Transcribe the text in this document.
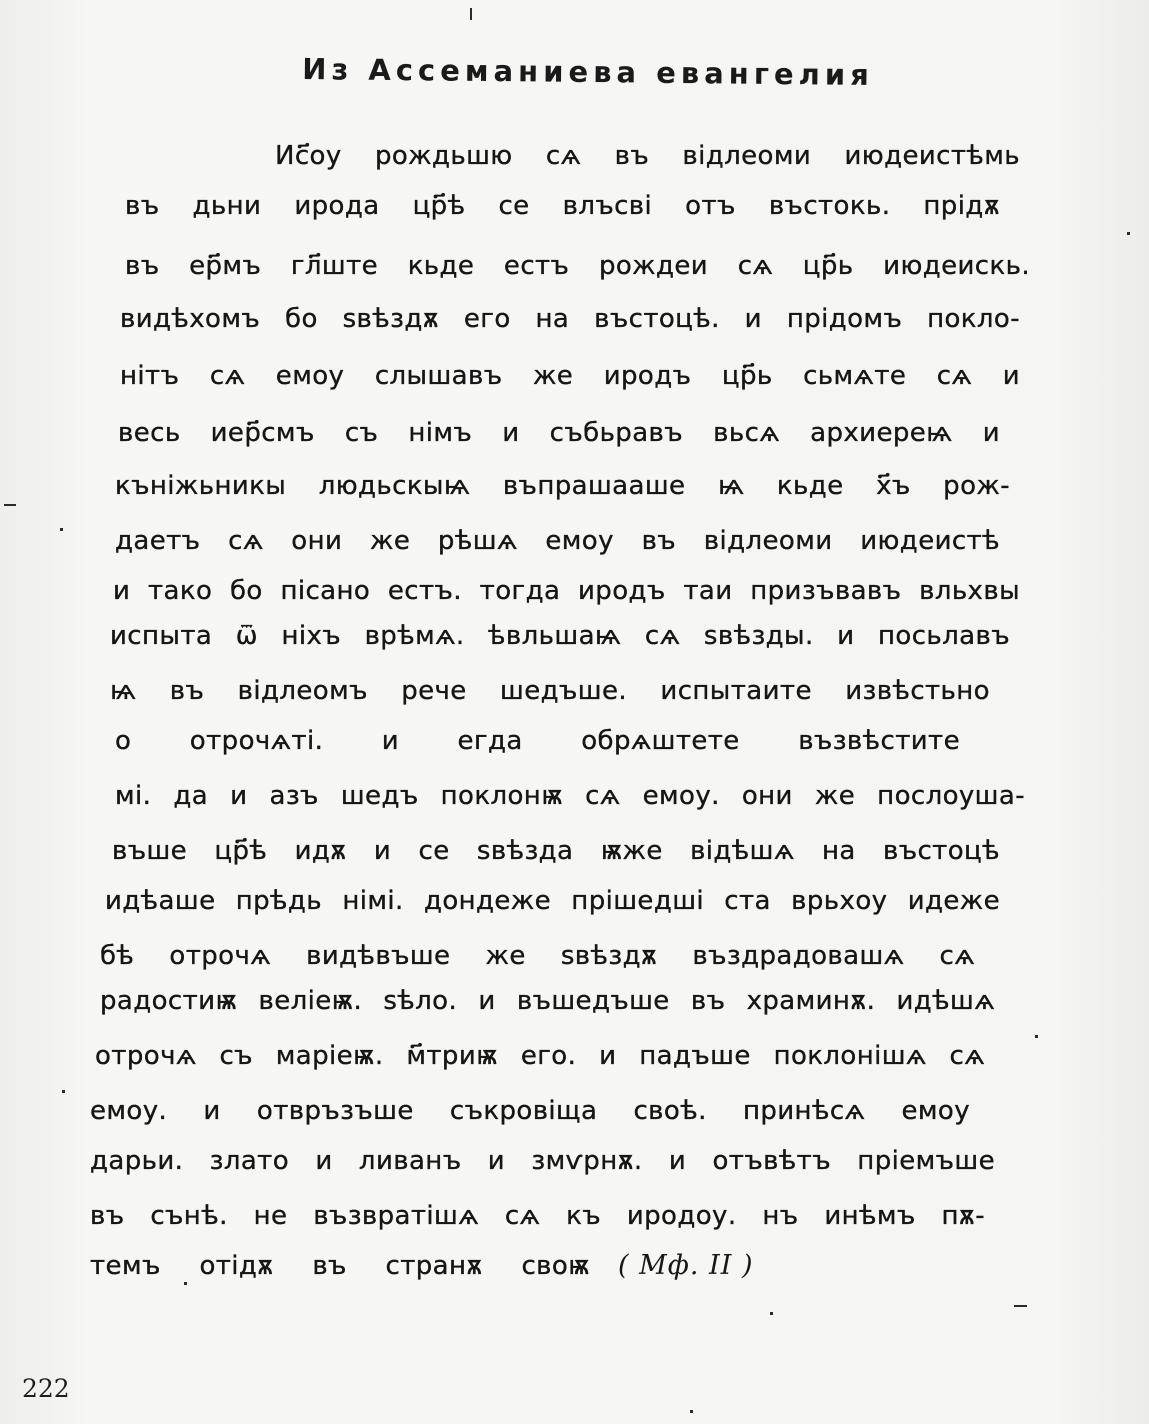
Из Ассеманиева евангелия
Ис҃оу рождьшю сѧ въ відлеоми июдеистѣмь
въ дьни ирода цр҃ѣ се влъсві отъ въстокь. прідѫ
въ ер҃мъ гл҃ште кьде естъ рождеи сѧ цр҃ь июдеискь.
видѣхомъ бо ѕвѣздѫ его на въстоцѣ. и прідомъ покло-
нітъ сѧ емоу слышавъ же иродъ цр҃ь сьмѧте сѧ и
весь иер҃смъ съ німъ и събьравъ вьсѧ архиереѩ и
кънiжьникы людьскыѩ въпрашааше ѩ кьде х҃ъ рож-
даетъ сѧ они же рѣшѧ емоу въ відлеоми июдеистѣ
и тако бо пісано естъ. тогда иродъ таи призъвавъ вльхвы
испыта ѿ ніхъ врѣмѧ. ѣвльшаѩ сѧ ѕвѣзды. и посьлавъ
ѩ въ відлеомъ рече шедъше. испытаите извѣстьно
о отрочѧті. и егда обрѧштете възвѣстите
мі. да и азъ шедъ поклонѭ сѧ емоу. они же послоуша-
въше цр҃ѣ идѫ и се ѕвѣзда ѭже відѣшѧ на въстоцѣ
идѣаше прѣдь німі. дондеже прішедші ста врьхоу идеже
бѣ отрочѧ видѣвъше же ѕвѣздѫ въздрадовашѧ сѧ
радостиѭ веліеѭ. ѕѣло. и въшедъше въ храминѫ. идѣшѧ
отрочѧ съ маріеѭ. м҃триѭ его. и падъше поклонішѧ сѧ
емоу. и отвръзъше съкровіща своѣ. принѣсѧ емоу
дарьи. злато и ливанъ и змѵрнѫ. и отъвѣтъ пріемъше
въ сънѣ. не възвратішѧ сѧ къ иродоу. нъ инѣмъ пѫ-
темъ отідѫ въ странѫ своѭ ( Мф. II )
222
